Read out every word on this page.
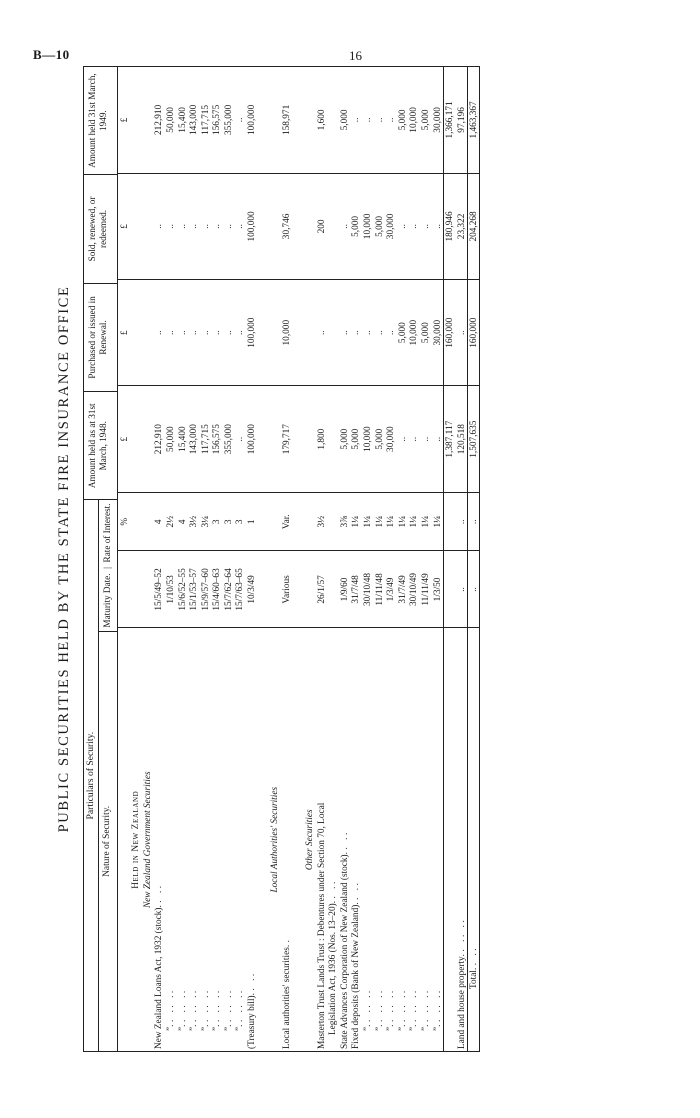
B—10	16
PUBLIC SECURITIES HELD BY THE STATE FIRE INSURANCE OFFICE Particulars of Security.		Amount held as at 31st March, 1948.	Purchased or issued in Renewal.	Sold, renewed, or redeemed.	Amount held 31st March, 1949.
Nature of Security.	Maturity Date.  |  Rate of Interest.				
		%	£	£	£	£
Held in New Zealand						
New Zealand Government Securities						
New Zealand Loans Act, 1932 (stock).. ..	15/5/49–52	4	212,910	..	..	212,910
”.. .. ..	1/10/53	2½	50,000	..	..	50,000
”.. .. ..	15/6/52–55	4	15,400	..	..	15,400
”.. .. ..	15/1/53–57	3½	143,000	..	..	143,000
”.. .. ..	15/9/57–60	3¼	117,715	..	..	117,715
”.. .. ..	15/4/60–63	3	156,575	..	..	156,575
”.. .. ..	15/7/62–64	3	355,000	..	..	355,000
”.. .. ..	15/7/63–65	3	..	..	..	..
(Treasury bill).. ..	10/3/49	1	100,000	100,000	100,000	100,000

Local Authorities' Securities						
Local authorities' securities..	Various	Var.	179,717	10,000	30,746	158,971

Other Securities						
Masterton Trust Lands Trust : Debentures under Section 70, Local	26/1/57	3½	1,800	..	200	1,600
Legislation Act, 1936 (Nos. 13–20).. ..						
State Advances Corporation of New Zealand (stock).. ..	1/9/60	3⅞	5,000	..	..	5,000
Fixed deposits (Bank of New Zealand).. ..	31/7/48	1¼	5,000	..	5,000	..
”.. .. ..	30/10/48	1¼	10,000	..	10,000	..
”.. .. ..	11/11/48	1¼	5,000	..	5,000	..
”.. .. ..	1/3/49	1¼	30,000	..	30,000	..
”.. .. ..	31/7/49	1¼	..	5,000	..	5,000
”.. .. ..	30/10/49	1¼	..	10,000	..	10,000
”.. .. ..	11/11/49	1¼	..	5,000	..	5,000
”.. .. ..	1/3/50	1¼	..	30,000	..	30,000
			1,387,117	160,000	180,946	1,366,171
Land and house property.. .. ..	..	..	120,518	..	23,322	97,196
Total.. ..	..	..	1,507,635	160,000	204,268	1,463,367
